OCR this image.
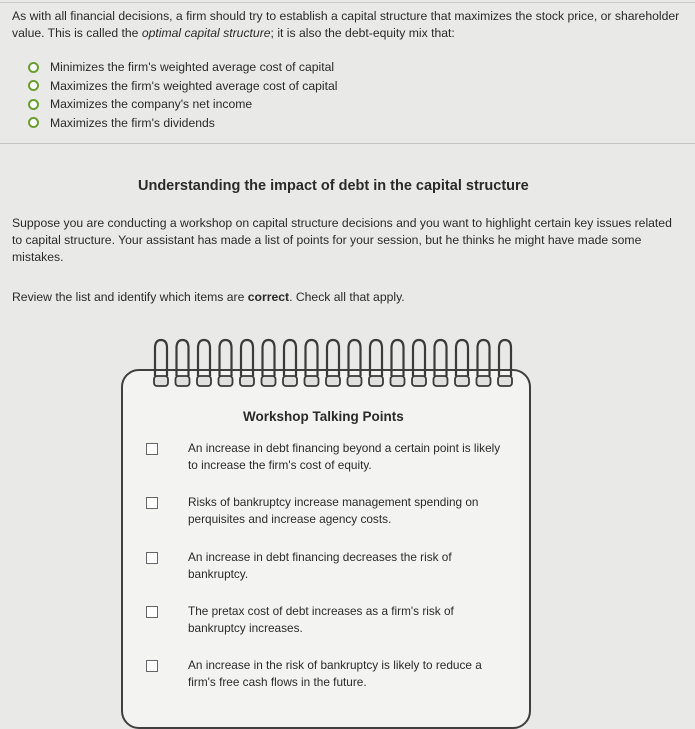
As with all financial decisions, a firm should try to establish a capital structure that maximizes the stock price, or shareholder value. This is called the optimal capital structure; it is also the debt-equity mix that:

Minimizes the firm's weighted average cost of capital
Maximizes the firm's weighted average cost of capital
Maximizes the company's net income
Maximizes the firm's dividends
Understanding the impact of debt in the capital structure

Suppose you are conducting a workshop on capital structure decisions and you want to highlight certain key issues related to capital structure. Your assistant has made a list of points for your session, but he thinks he might have made some mistakes.

Review the list and identify which items are correct. Check all that apply.

Workshop Talking Points
An increase in debt financing beyond a certain point is likely to increase the firm's cost of equity.
Risks of bankruptcy increase management spending on perquisites and increase agency costs.
An increase in debt financing decreases the risk of bankruptcy.
The pretax cost of debt increases as a firm's risk of bankruptcy increases.
An increase in the risk of bankruptcy is likely to reduce a firm's free cash flows in the future.
